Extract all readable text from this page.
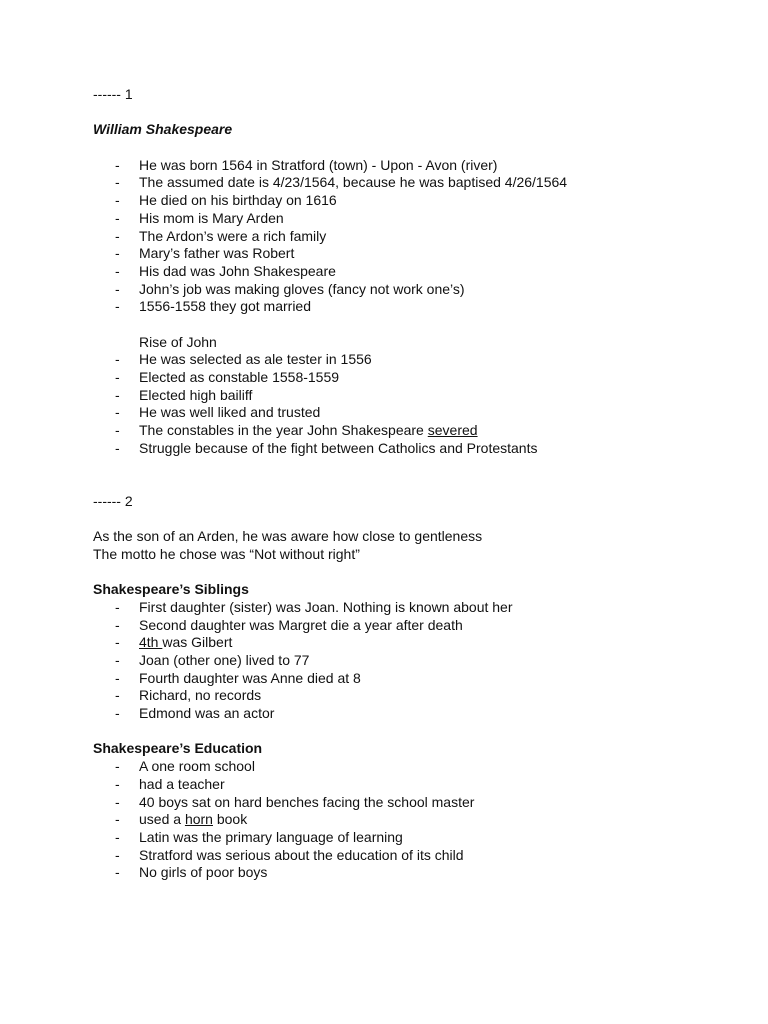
------ 1
William Shakespeare
- He was born 1564 in Stratford (town) - Upon - Avon (river)
- The assumed date is 4/23/1564, because he was baptised 4/26/1564
- He died on his birthday on 1616
- His mom is Mary Arden
- The Ardon’s were a rich family
- Mary’s father was Robert
- His dad was John Shakespeare
- John’s job was making gloves (fancy not work one’s)
- 1556-1558 they got married
Rise of John
- He was selected as ale tester in 1556
- Elected as constable 1558-1559
- Elected high bailiff
- He was well liked and trusted
- The constables in the year John Shakespeare severed
- Struggle because of the fight between Catholics and Protestants
------ 2
As the son of an Arden, he was aware how close to gentleness
The motto he chose was “Not without right”
Shakespeare’s Siblings
- First daughter (sister) was Joan. Nothing is known about her
- Second daughter was Margret die a year after death
- 4th was Gilbert
- Joan (other one) lived to 77
- Fourth daughter was Anne died at 8
- Richard, no records
- Edmond was an actor
Shakespeare’s Education
- A one room school
- had a teacher
- 40 boys sat on hard benches facing the school master
- used a horn book
- Latin was the primary language of learning
- Stratford was serious about the education of its child
- No girls of poor boys
